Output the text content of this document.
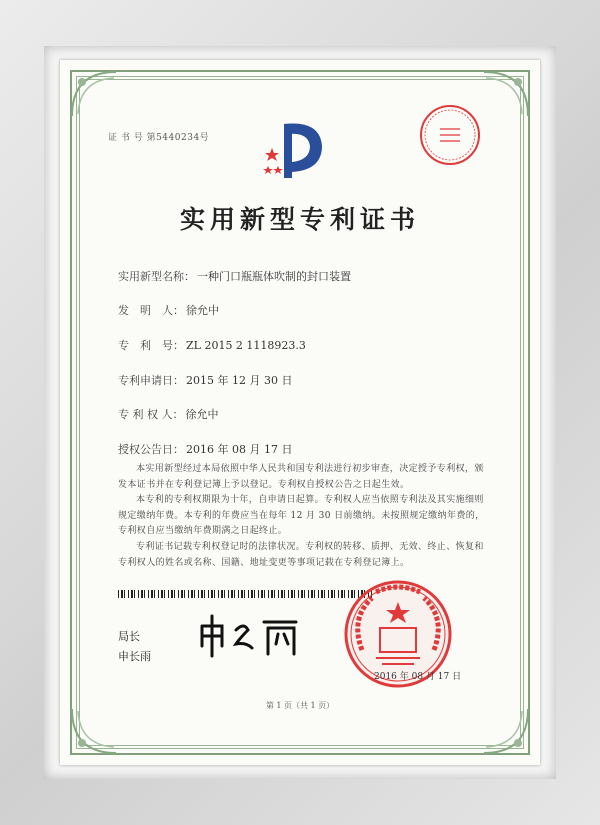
证 书 号 第5440234号
实用新型专利证书
实用新型名称： 一种门口瓶瓶体吹制的封口装置
发　明　人： 徐允中
专　利　号： ZL 2015 2 1118923.3
专利申请日： 2015 年 12 月 30 日
专 利 权 人： 徐允中
授权公告日： 2016 年 08 月 17 日
本实用新型经过本局依照中华人民共和国专利法进行初步审查，决定授予专利权，颁发本证书并在专利登记簿上予以登记。专利权自授权公告之日起生效。
本专利的专利权期限为十年，自申请日起算。专利权人应当依照专利法及其实施细则规定缴纳年费。本专利的年费应当在每年 12 月 30 日前缴纳。未按照规定缴纳年费的，专利权自应当缴纳年费期满之日起终止。
专利证书记载专利权登记时的法律状况。专利权的转移、质押、无效、终止、恢复和专利权人的姓名或名称、国籍、地址变更等事项记载在专利登记簿上。
局长
申长雨
2016 年 08 月 17 日
第 1 页（共 1 页）
